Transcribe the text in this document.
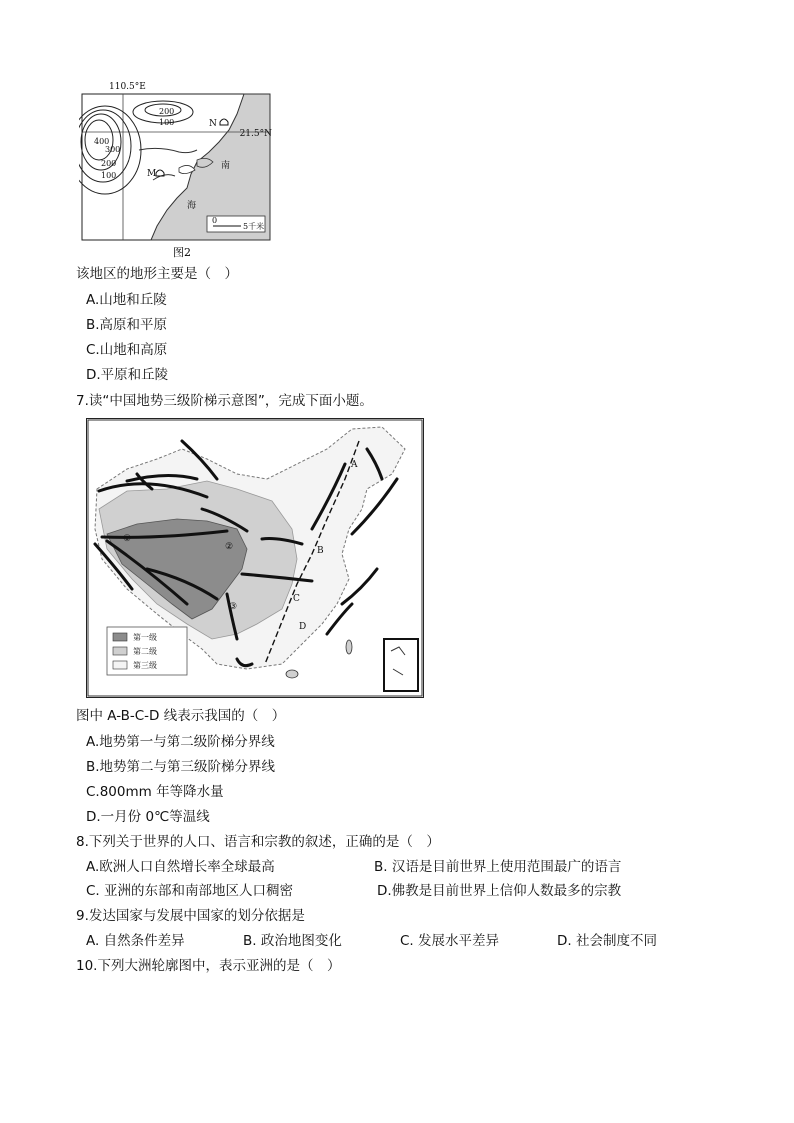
110.5°E
21.5°N
200
100
400
300
200
100
N
M
南
海
0
5千米
图2
该地区的地形主要是（　）
A.山地和丘陵
B.高原和平原
C.山地和高原
D.平原和丘陵
7.读“中国地势三级阶梯示意图”，完成下面小题。
A
B
C
D
①
②
③
第一级
第二级
第三级
图中 A-B-C-D 线表示我国的（　）
A.地势第一与第二级阶梯分界线
B.地势第二与第三级阶梯分界线
C.800mm 年等降水量
D.一月份 0℃等温线
8.下列关于世界的人口、语言和宗教的叙述，正确的是（　）
A.欧洲人口自然增长率全球最高	B. 汉语是目前世界上使用范围最广的语言
C. 亚洲的东部和南部地区人口稠密	D.佛教是目前世界上信仰人数最多的宗教
9.发达国家与发展中国家的划分依据是
A. 自然条件差异	B. 政治地图变化	C. 发展水平差异	D. 社会制度不同
10.下列大洲轮廓图中，表示亚洲的是（　）
